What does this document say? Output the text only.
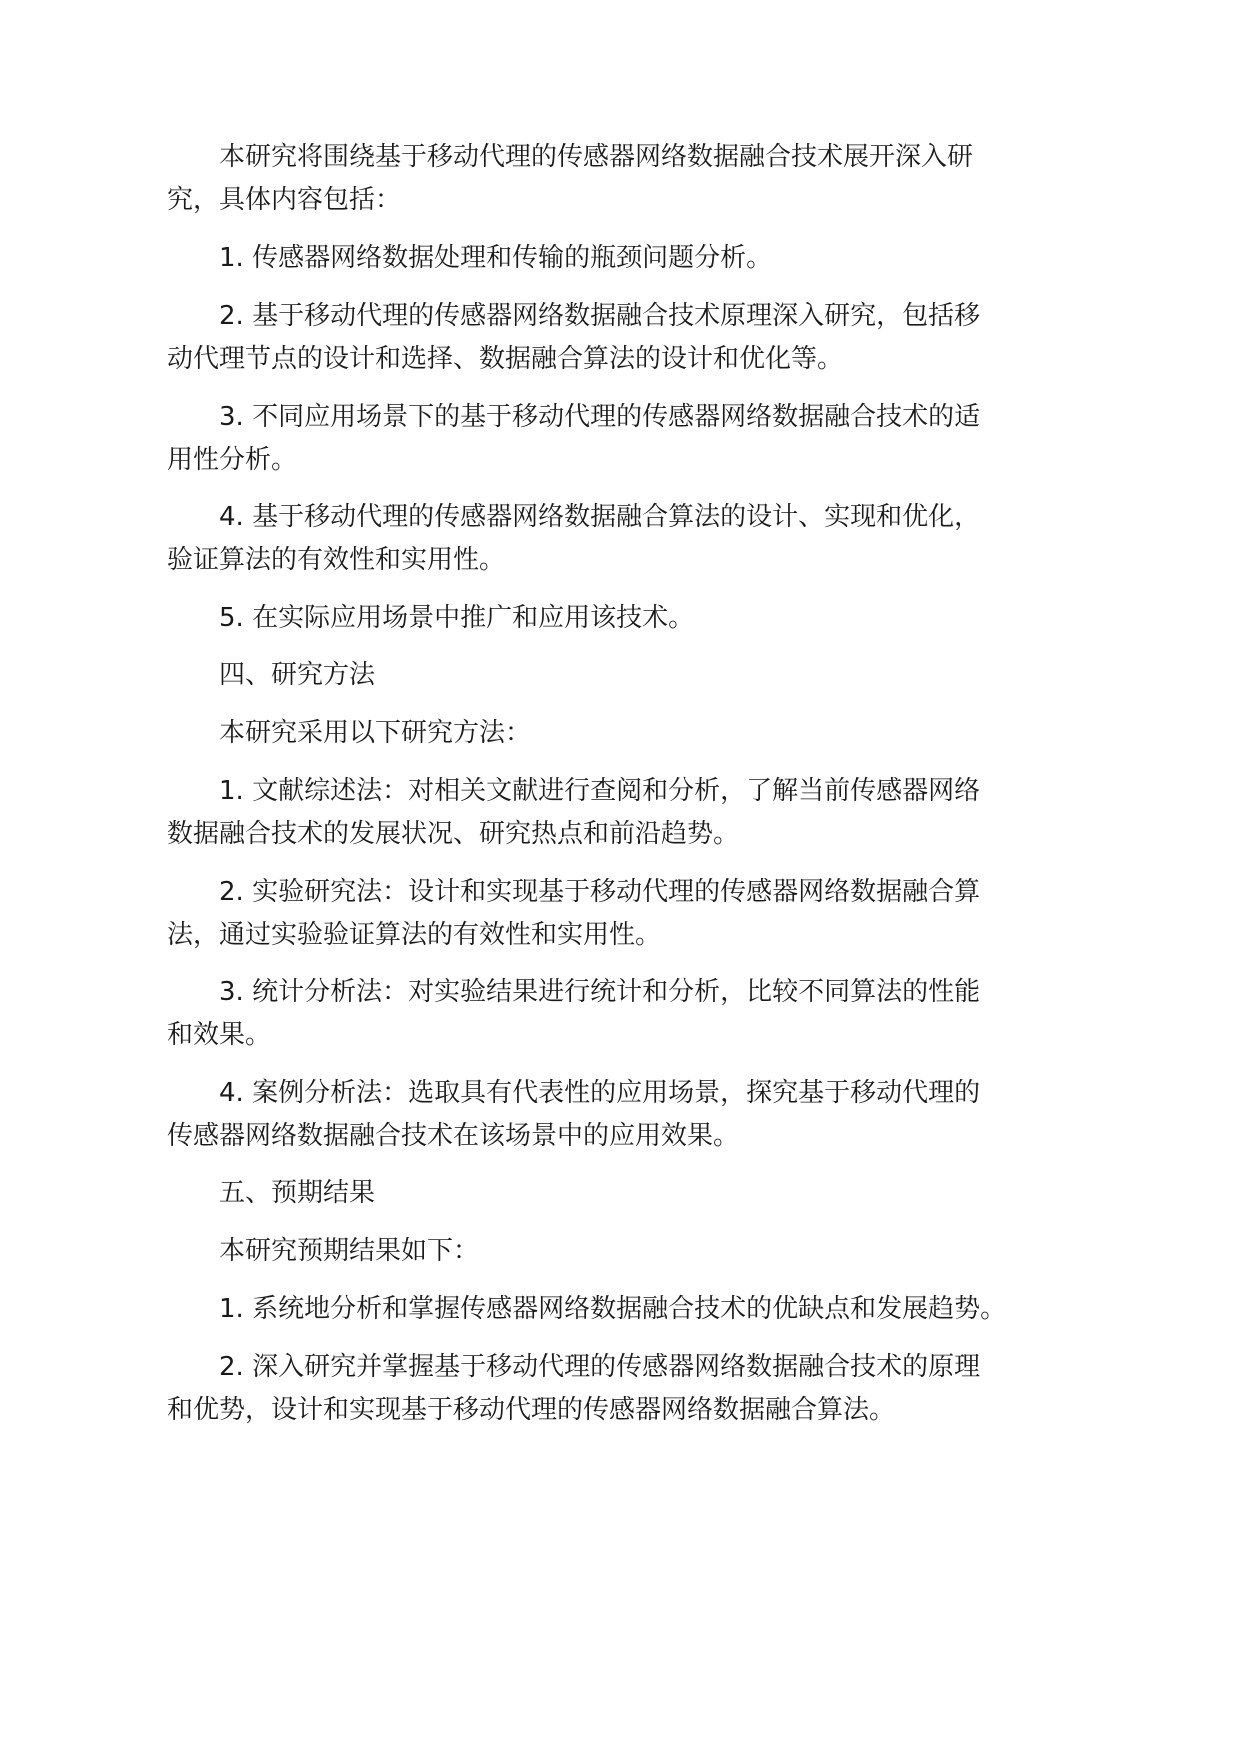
本研究将围绕基于移动代理的传感器网络数据融合技术展开深入研
究，具体内容包括：
1. 传感器网络数据处理和传输的瓶颈问题分析。
2. 基于移动代理的传感器网络数据融合技术原理深入研究，包括移
动代理节点的设计和选择、数据融合算法的设计和优化等。
3. 不同应用场景下的基于移动代理的传感器网络数据融合技术的适
用性分析。
4. 基于移动代理的传感器网络数据融合算法的设计、实现和优化，
验证算法的有效性和实用性。
5. 在实际应用场景中推广和应用该技术。
四、研究方法
本研究采用以下研究方法：
1. 文献综述法：对相关文献进行查阅和分析，了解当前传感器网络
数据融合技术的发展状况、研究热点和前沿趋势。
2. 实验研究法：设计和实现基于移动代理的传感器网络数据融合算
法，通过实验验证算法的有效性和实用性。
3. 统计分析法：对实验结果进行统计和分析，比较不同算法的性能
和效果。
4. 案例分析法：选取具有代表性的应用场景，探究基于移动代理的
传感器网络数据融合技术在该场景中的应用效果。
五、预期结果
本研究预期结果如下：
1. 系统地分析和掌握传感器网络数据融合技术的优缺点和发展趋势。
2. 深入研究并掌握基于移动代理的传感器网络数据融合技术的原理
和优势，设计和实现基于移动代理的传感器网络数据融合算法。
